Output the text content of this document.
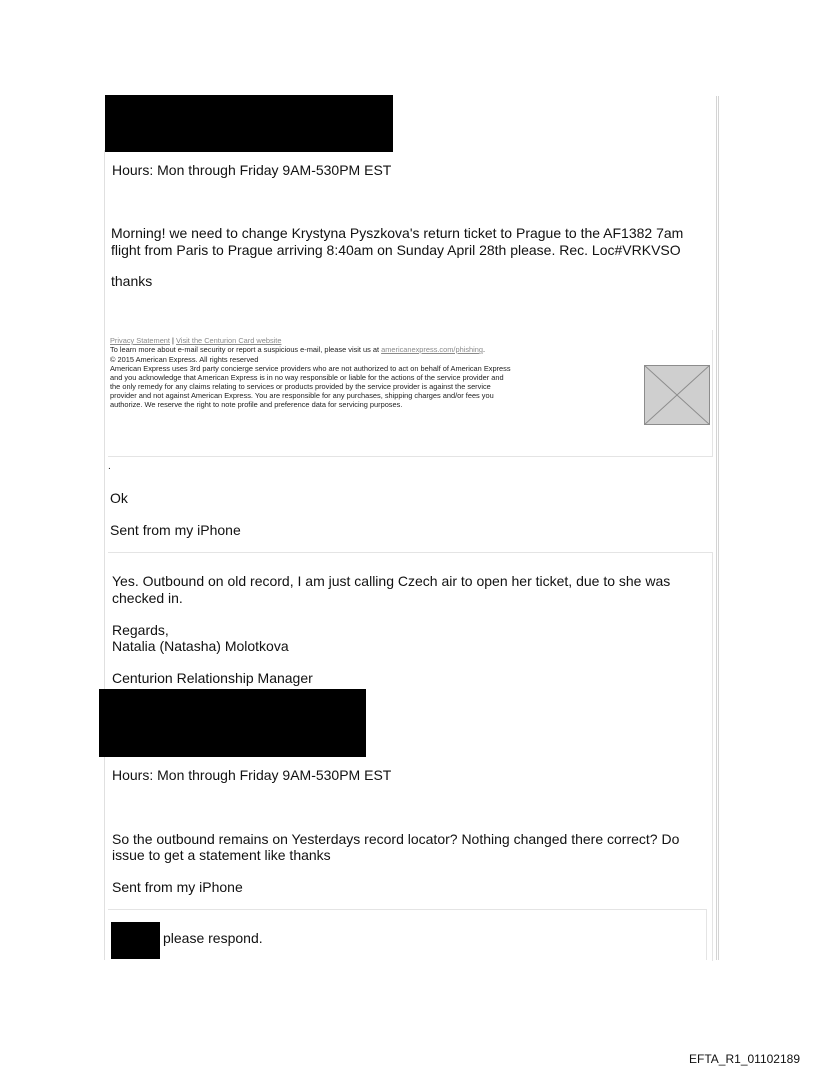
Hours: Mon through Friday 9AM-530PM EST
Morning! we need to change Krystyna Pyszkova's return ticket to Prague to the AF1382 7am
flight from Paris to Prague arriving 8:40am on Sunday April 28th please. Rec. Loc#VRKVSO
thanks
Privacy Statement | Visit the Centurion Card website
To learn more about e-mail security or report a suspicious e-mail, please visit us at americanexpress.com/phishing.
© 2015 American Express. All rights reserved
American Express uses 3rd party concierge service providers who are not authorized to act on behalf of American Express
and you acknowledge that American Express is in no way responsible or liable for the actions of the service provider and
the only remedy for any claims relating to services or products provided by the service provider is against the service
provider and not against American Express. You are responsible for any purchases, shipping charges and/or fees you
authorize. We reserve the right to note profile and preference data for servicing purposes.
.
Ok
Sent from my iPhone
Yes. Outbound on old record, I am just calling Czech air to open her ticket, due to she was
checked in.
Regards,
Natalia (Natasha) Molotkova
Centurion Relationship Manager
Hours: Mon through Friday 9AM-530PM EST
So the outbound remains on Yesterdays record locator? Nothing changed there correct? Do
issue to get a statement like thanks
Sent from my iPhone
please respond.
EFTA_R1_01102189
